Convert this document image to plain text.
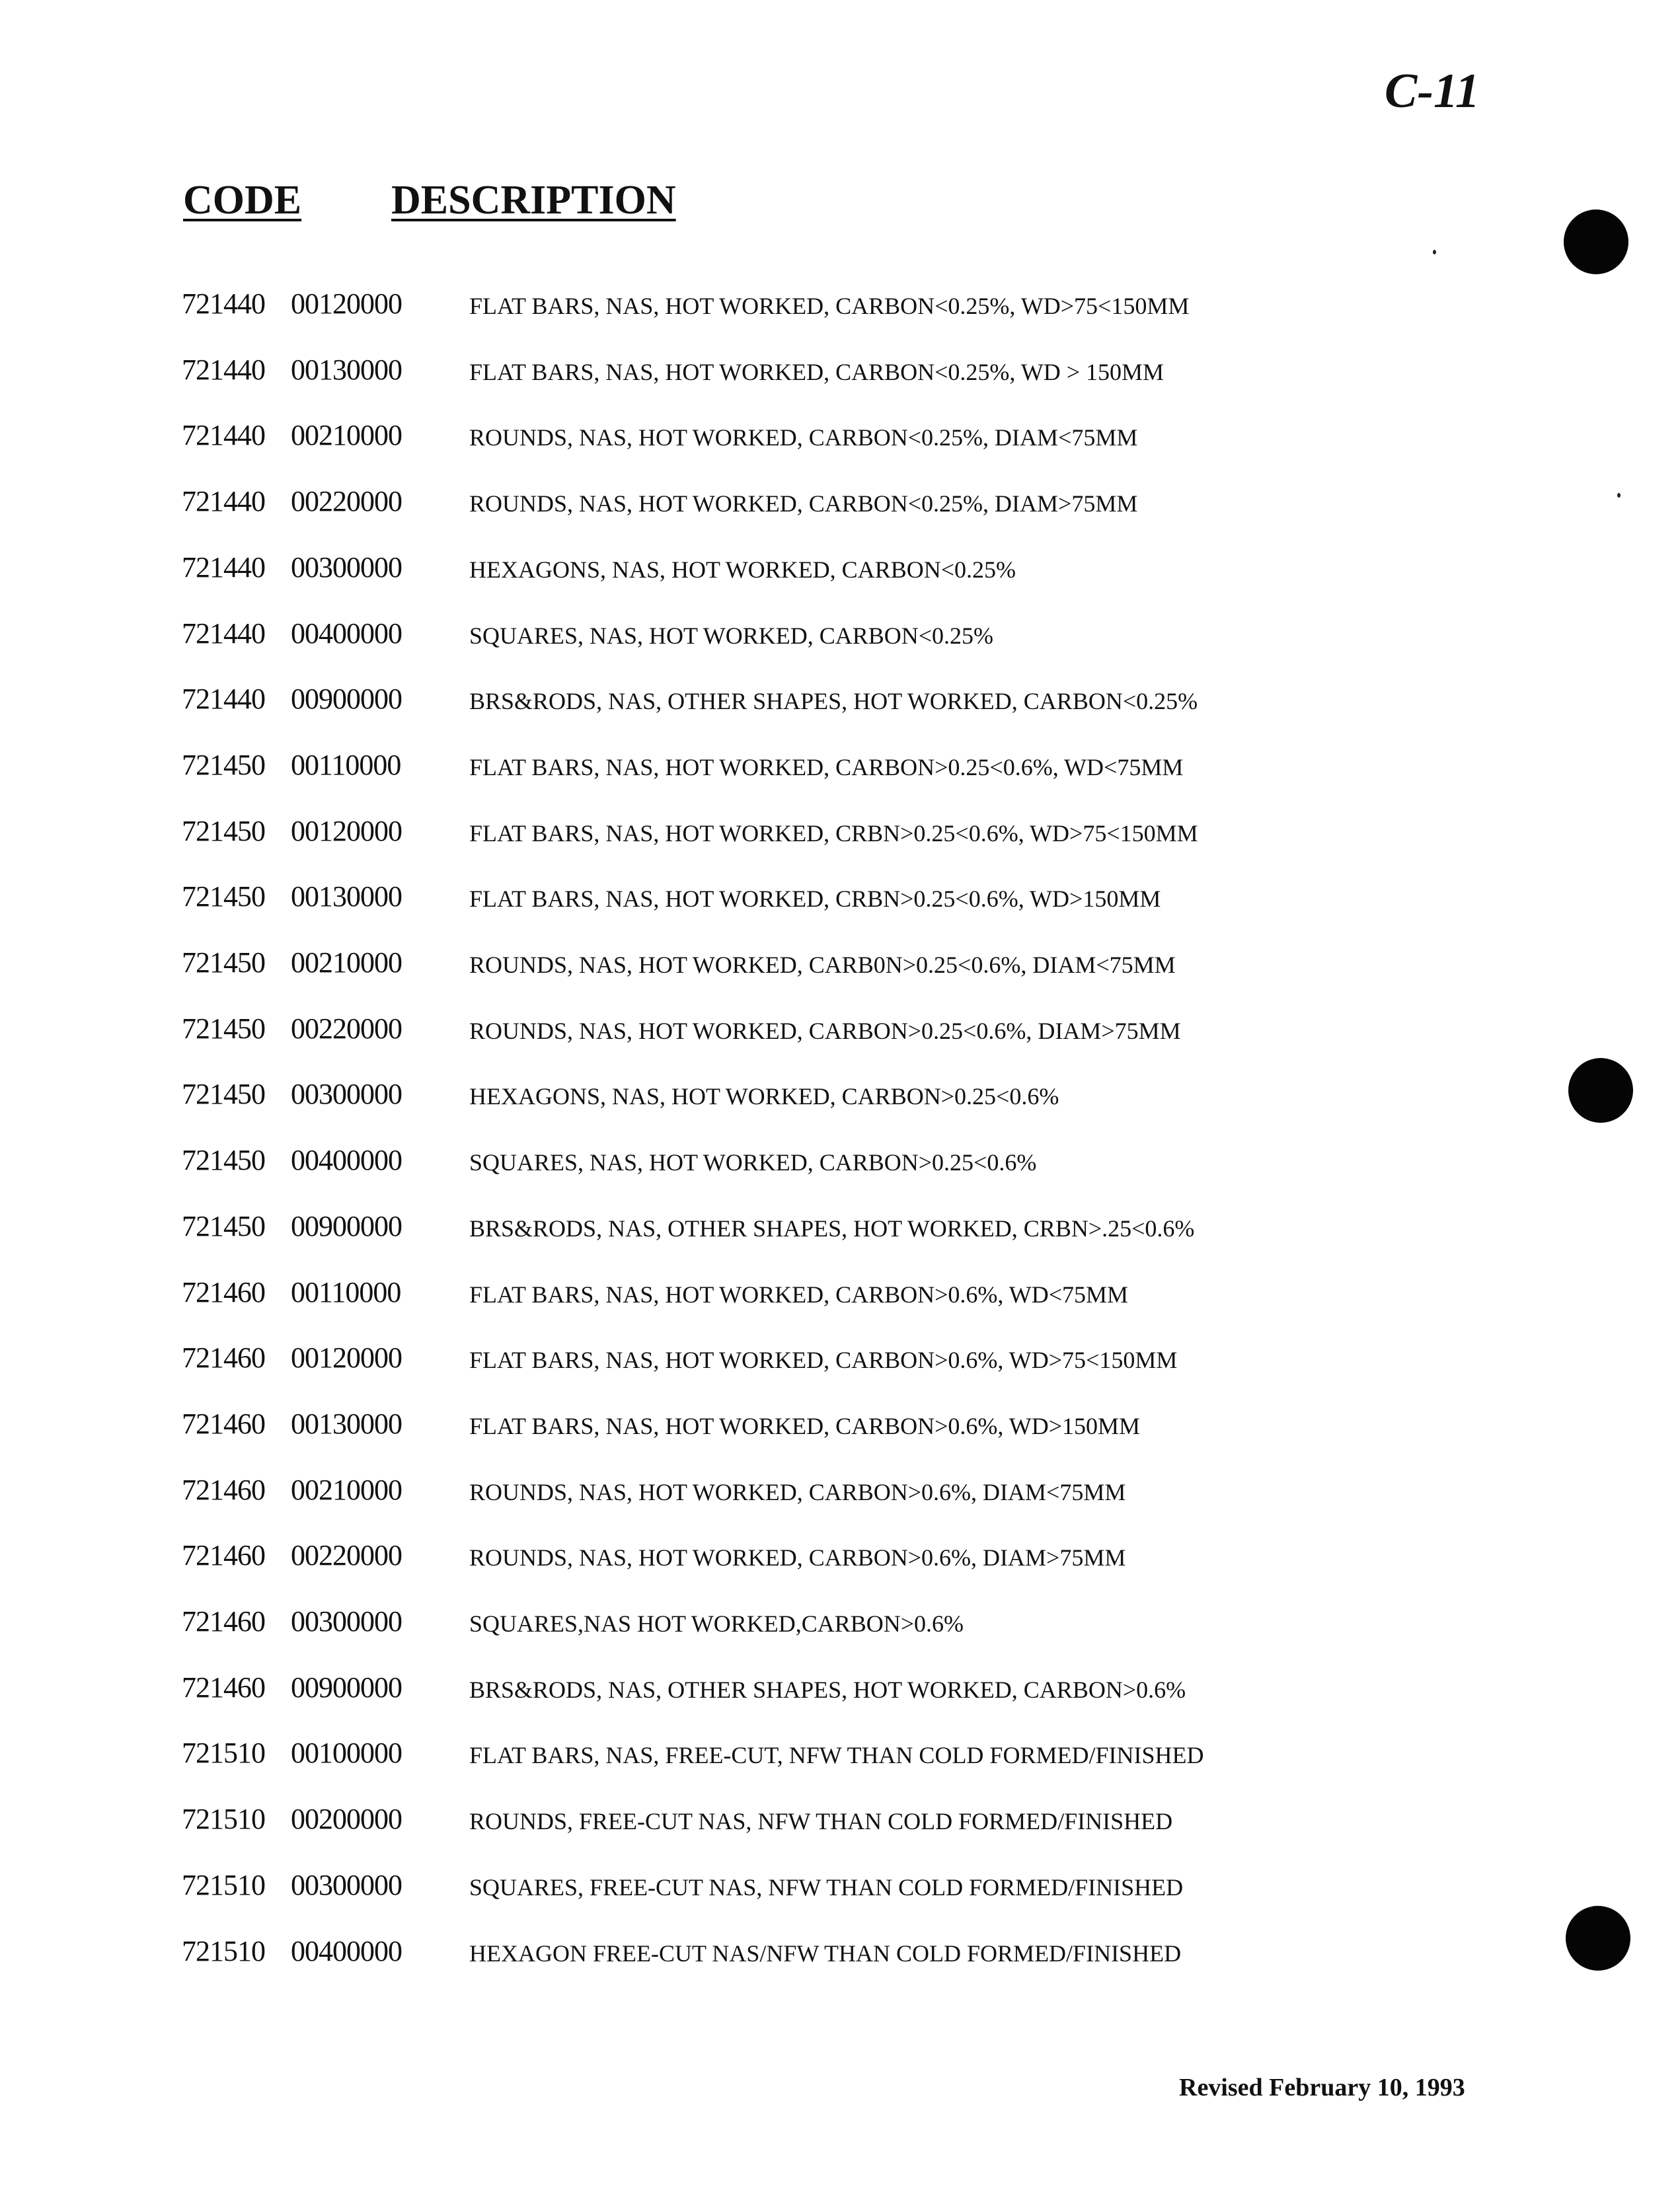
C-11
CODE DESCRIPTION
721440 00120000	FLAT BARS, NAS, HOT WORKED, CARBON<0.25%, WD>75<150MM
721440 00130000	FLAT BARS, NAS, HOT WORKED, CARBON<0.25%, WD > 150MM
721440 00210000	ROUNDS, NAS, HOT WORKED, CARBON<0.25%, DIAM<75MM
721440 00220000	ROUNDS, NAS, HOT WORKED, CARBON<0.25%, DIAM>75MM
721440 00300000	HEXAGONS, NAS, HOT WORKED, CARBON<0.25%
721440 00400000	SQUARES, NAS, HOT WORKED, CARBON<0.25%
721440 00900000	BRS&RODS, NAS, OTHER SHAPES, HOT WORKED, CARBON<0.25%
721450 00110000	FLAT BARS, NAS, HOT WORKED, CARBON>0.25<0.6%, WD<75MM
721450 00120000	FLAT BARS, NAS, HOT WORKED, CRBN>0.25<0.6%, WD>75<150MM
721450 00130000	FLAT BARS, NAS, HOT WORKED, CRBN>0.25<0.6%, WD>150MM
721450 00210000	ROUNDS, NAS, HOT WORKED, CARB0N>0.25<0.6%, DIAM<75MM
721450 00220000	ROUNDS, NAS, HOT WORKED, CARBON>0.25<0.6%, DIAM>75MM
721450 00300000	HEXAGONS, NAS, HOT WORKED, CARBON>0.25<0.6%
721450 00400000	SQUARES, NAS, HOT WORKED, CARBON>0.25<0.6%
721450 00900000	BRS&RODS, NAS, OTHER SHAPES, HOT WORKED, CRBN>.25<0.6%
721460 00110000	FLAT BARS, NAS, HOT WORKED, CARBON>0.6%, WD<75MM
721460 00120000	FLAT BARS, NAS, HOT WORKED, CARBON>0.6%, WD>75<150MM
721460 00130000	FLAT BARS, NAS, HOT WORKED, CARBON>0.6%, WD>150MM
721460 00210000	ROUNDS, NAS, HOT WORKED, CARBON>0.6%, DIAM<75MM
721460 00220000	ROUNDS, NAS, HOT WORKED, CARBON>0.6%, DIAM>75MM
721460 00300000	SQUARES,NAS HOT WORKED,CARBON>0.6%
721460 00900000	BRS&RODS, NAS, OTHER SHAPES, HOT WORKED, CARBON>0.6%
721510 00100000	FLAT BARS, NAS, FREE-CUT, NFW THAN COLD FORMED/FINISHED
721510 00200000	ROUNDS, FREE-CUT NAS, NFW THAN COLD FORMED/FINISHED
721510 00300000	SQUARES, FREE-CUT NAS, NFW THAN COLD FORMED/FINISHED
721510 00400000	HEXAGON FREE-CUT NAS/NFW THAN COLD FORMED/FINISHED
Revised February 10, 1993
